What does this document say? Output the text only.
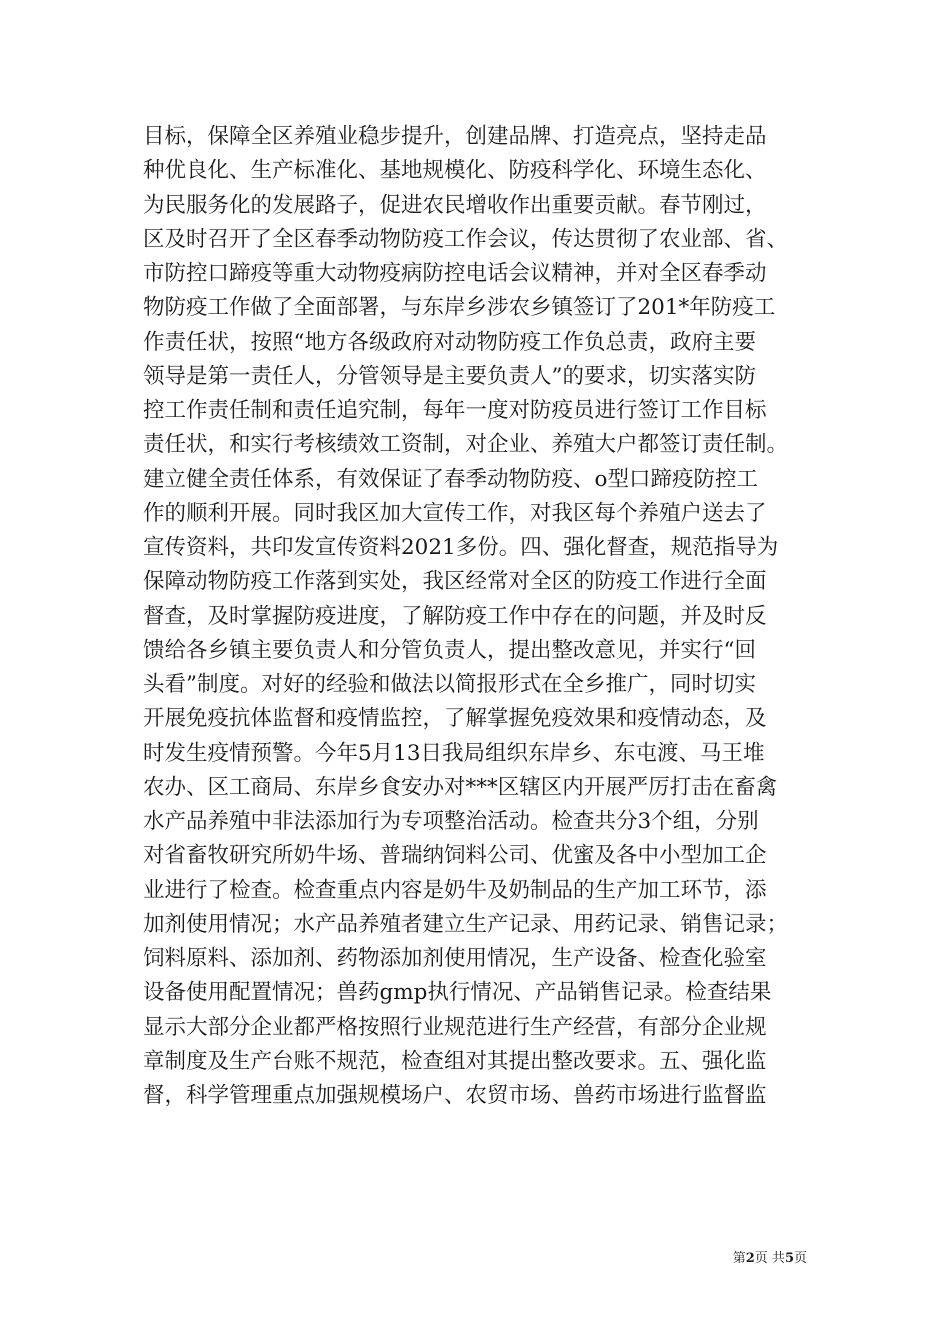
目标，保障全区养殖业稳步提升，创建品牌、打造亮点，坚持走品
种优良化、生产标准化、基地规模化、防疫科学化、环境生态化、
为民服务化的发展路子，促进农民增收作出重要贡献。春节刚过，
区及时召开了全区春季动物防疫工作会议，传达贯彻了农业部、省、
市防控口蹄疫等重大动物疫病防控电话会议精神，并对全区春季动
物防疫工作做了全面部署，与东岸乡涉农乡镇签订了201*年防疫工
作责任状，按照“地方各级政府对动物防疫工作负总责，政府主要
领导是第一责任人，分管领导是主要负责人”的要求，切实落实防
控工作责任制和责任追究制，每年一度对防疫员进行签订工作目标
责任状，和实行考核绩效工资制，对企业、养殖大户都签订责任制。
建立健全责任体系，有效保证了春季动物防疫、o型口蹄疫防控工
作的顺利开展。同时我区加大宣传工作，对我区每个养殖户送去了
宣传资料，共印发宣传资料2021多份。四、强化督查，规范指导为
保障动物防疫工作落到实处，我区经常对全区的防疫工作进行全面
督查，及时掌握防疫进度，了解防疫工作中存在的问题，并及时反
馈给各乡镇主要负责人和分管负责人，提出整改意见，并实行“回
头看”制度。对好的经验和做法以简报形式在全乡推广，同时切实
开展免疫抗体监督和疫情监控，了解掌握免疫效果和疫情动态，及
时发生疫情预警。今年5月13日我局组织东岸乡、东屯渡、马王堆
农办、区工商局、东岸乡食安办对***区辖区内开展严厉打击在畜禽
水产品养殖中非法添加行为专项整治活动。检查共分3个组，分别
对省畜牧研究所奶牛场、普瑞纳饲料公司、优蜜及各中小型加工企
业进行了检查。检查重点内容是奶牛及奶制品的生产加工环节，添
加剂使用情况；水产品养殖者建立生产记录、用药记录、销售记录；
饲料原料、添加剂、药物添加剂使用情况，生产设备、检查化验室
设备使用配置情况；兽药gmp执行情况、产品销售记录。检查结果
显示大部分企业都严格按照行业规范进行生产经营，有部分企业规
章制度及生产台账不规范，检查组对其提出整改要求。五、强化监
督，科学管理重点加强规模场户、农贸市场、兽药市场进行监督监
第2页 共5页
